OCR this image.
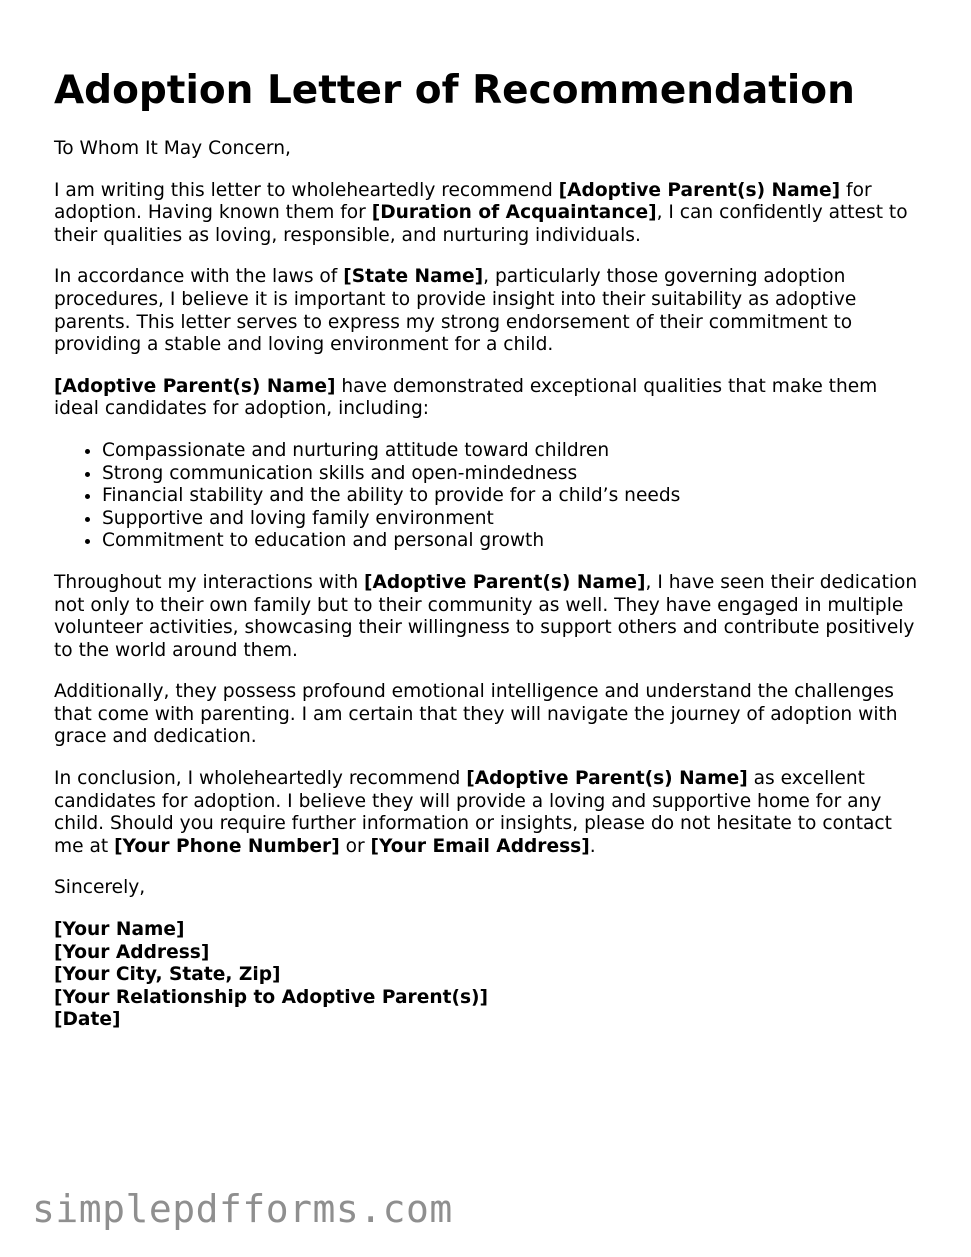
Adoption Letter of Recommendation

To Whom It May Concern,

I am writing this letter to wholeheartedly recommend [Adoptive Parent(s) Name] for adoption. Having known them for [Duration of Acquaintance], I can confidently attest to their qualities as loving, responsible, and nurturing individuals.

In accordance with the laws of [State Name], particularly those governing adoption procedures, I believe it is important to provide insight into their suitability as adoptive parents. This letter serves to express my strong endorsement of their commitment to providing a stable and loving environment for a child.

[Adoptive Parent(s) Name] have demonstrated exceptional qualities that make them ideal candidates for adoption, including:

• Compassionate and nurturing attitude toward children
• Strong communication skills and open-mindedness
• Financial stability and the ability to provide for a child’s needs
• Supportive and loving family environment
• Commitment to education and personal growth

Throughout my interactions with [Adoptive Parent(s) Name], I have seen their dedication not only to their own family but to their community as well. They have engaged in multiple volunteer activities, showcasing their willingness to support others and contribute positively to the world around them.

Additionally, they possess profound emotional intelligence and understand the challenges that come with parenting. I am certain that they will navigate the journey of adoption with grace and dedication.

In conclusion, I wholeheartedly recommend [Adoptive Parent(s) Name] as excellent candidates for adoption. I believe they will provide a loving and supportive home for any child. Should you require further information or insights, please do not hesitate to contact me at [Your Phone Number] or [Your Email Address].

Sincerely,

[Your Name]
[Your Address]
[Your City, State, Zip]
[Your Relationship to Adoptive Parent(s)]
[Date]
simplepdfforms.com
